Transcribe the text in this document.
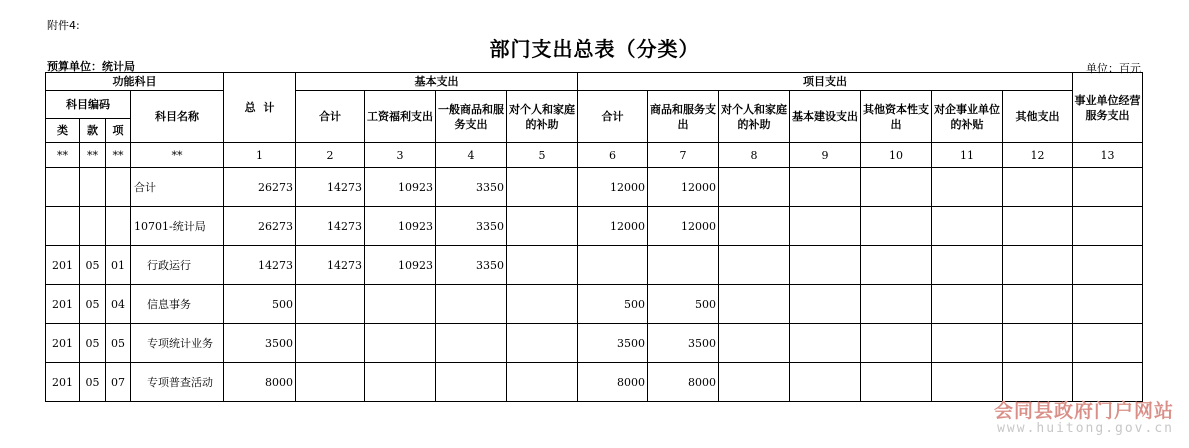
附件4:
部门支出总表（分类）
预算单位：统计局	单位：百元
功能科目				总  计	基本支出				项目支出							事业单位经营服务支出
科目编码			科目名称		合计	工资福利支出	一般商品和服务支出	对个人和家庭的补助	合计	商品和服务支出	对个人和家庭的补助	基本建设支出	其他资本性支出	对企事业单位的补贴	其他支出	
类	款	项														
**	**	**	**	1	2	3	4	5	6	7	8	9	10	11	12	13
			合计	26273	14273	10923	3350		12000	12000						
			10701-统计局	26273	14273	10923	3350		12000	12000						
201	05	01	行政运行	14273	14273	10923	3350									
201	05	04	信息事务	500					500	500						
201	05	05	专项统计业务	3500					3500	3500						
201	05	07	专项普查活动	8000					8000	8000						
会同县政府门户网站
www.huitong.gov.cn
